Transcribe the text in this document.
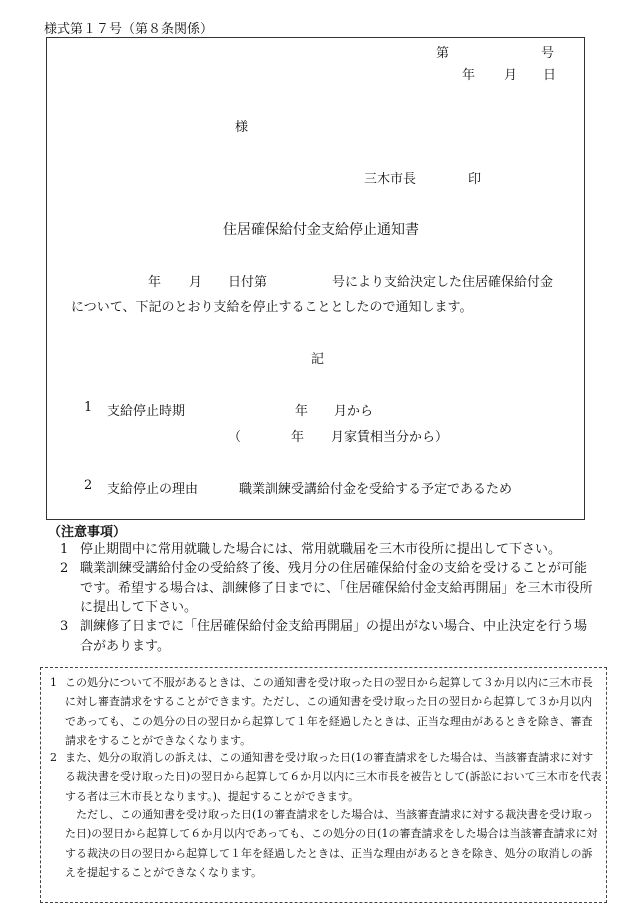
様式第１７号（第８条関係）
第	号
年 月 日
様
三木市長	印
住居確保給付金支給停止通知書
年 月 日付第	号により支給決定した住居確保給付金
について、下記のとおり支給を停止することとしたので通知します。
記
1 支給停止時期	年 月から
（	年 月家賃相当分から）
2 支給停止の理由	職業訓練受講給付金を受給する予定であるため
（注意事項）
1 停止期間中に常用就職した場合には、常用就職届を三木市役所に提出して下さい。
2 職業訓練受講給付金の受給終了後、残月分の住居確保給付金の支給を受けることが可能です。希望する場合は、訓練修了日までに、「住居確保給付金支給再開届」を三木市役所に提出して下さい。
3 訓練修了日までに「住居確保給付金支給再開届」の提出がない場合、中止決定を行う場合があります。
1 この処分について不服があるときは、この通知書を受け取った日の翌日から起算して３か月以内に三木市長に対し審査請求をすることができます。ただし、この通知書を受け取った日の翌日から起算して３か月以内であっても、この処分の日の翌日から起算して１年を経過したときは、正当な理由があるときを除き、審査請求をすることができなくなります。
2 また、処分の取消しの訴えは、この通知書を受け取った日(1の審査請求をした場合は、当該審査請求に対する裁決書を受け取った日)の翌日から起算して６か月以内に三木市長を被告として(訴訟において三木市を代表する者は三木市長となります。)、提起することができます。
　ただし、この通知書を受け取った日(1の審査請求をした場合は、当該審査請求に対する裁決書を受け取った日)の翌日から起算して６か月以内であっても、この処分の日(1の審査請求をした場合は当該審査請求に対する裁決の日の翌日から起算して１年を経過したときは、正当な理由があるときを除き、処分の取消しの訴えを提起することができなくなります。
